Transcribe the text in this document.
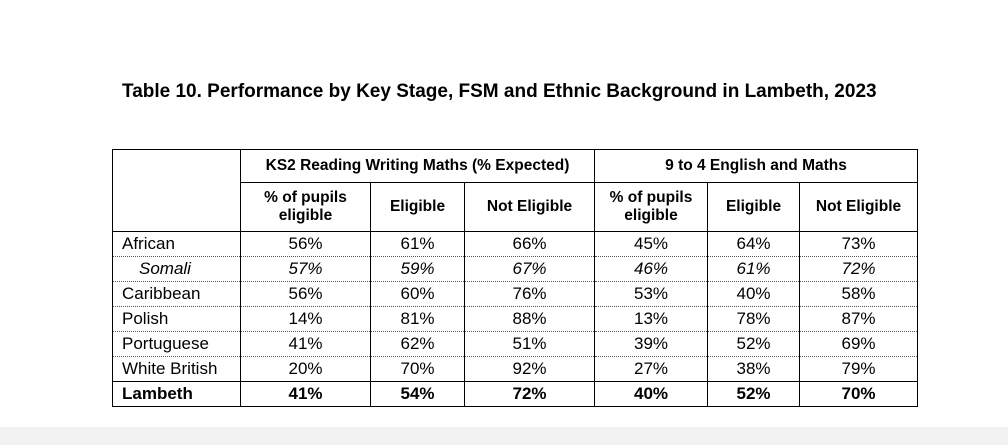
Table 10. Performance by Key Stage, FSM and Ethnic Background in Lambeth, 2023
	KS2 Reading Writing Maths (% Expected)			9 to 4 English and Maths		
	% of pupils eligible	Eligible	Not Eligible	% of pupils eligible	Eligible	Not Eligible
African	56%	61%	66%	45%	64%	73%
Somali	57%	59%	67%	46%	61%	72%
Caribbean	56%	60%	76%	53%	40%	58%
Polish	14%	81%	88%	13%	78%	87%
Portuguese	41%	62%	51%	39%	52%	69%
White British	20%	70%	92%	27%	38%	79%
Lambeth	41%	54%	72%	40%	52%	70%
